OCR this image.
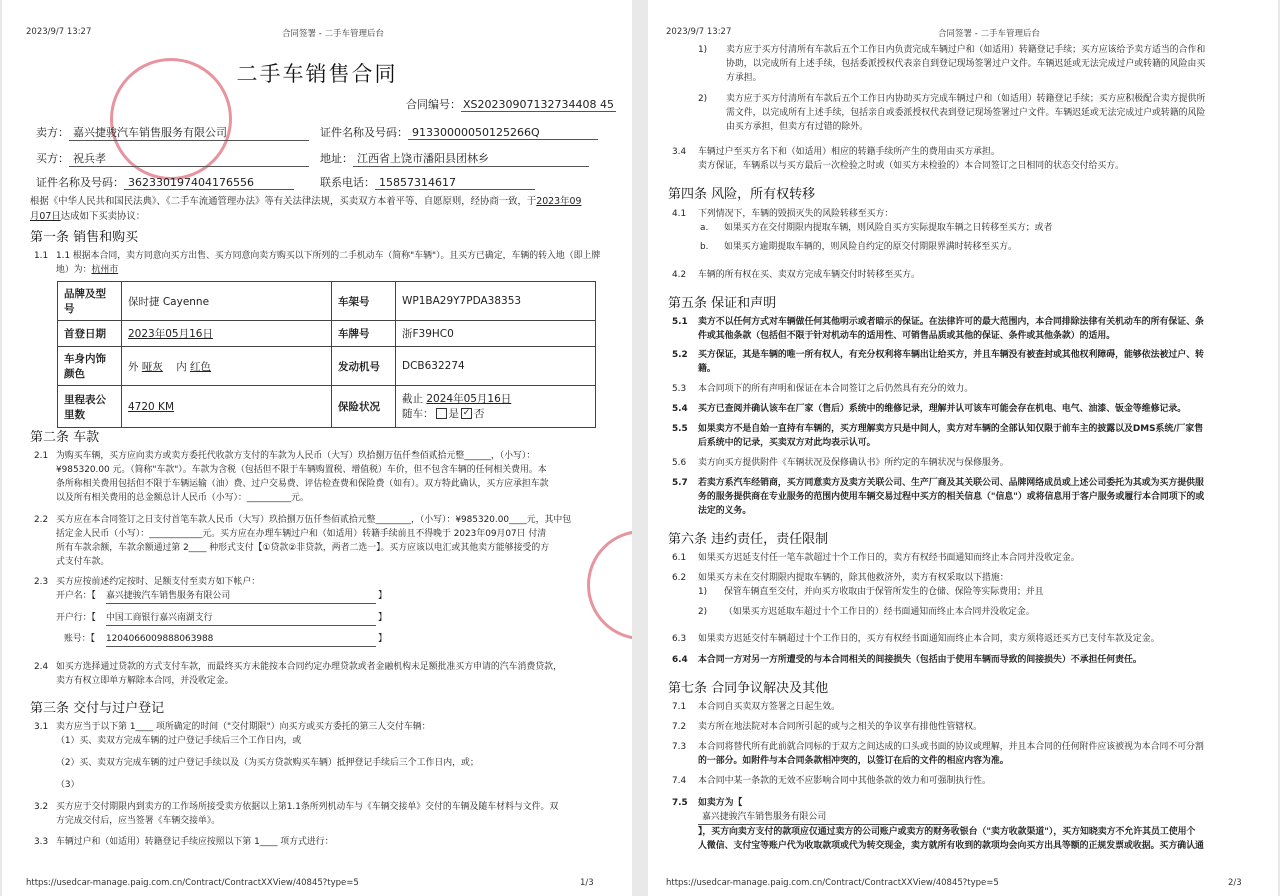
2023/9/7 13:27	合同签署 - 二手车管理后台
二手车销售合同
合同编号： XS20230907132734408 45
卖方： 嘉兴捷骏汽车销售服务有限公司	证件名称及号码： 91330000050125266Q
买方： 祝兵孝	地址： 江西省上饶市潘阳县团林乡
证件名称及号码： 362330197404176556	联系电话： 15857314617
根据《中华人民共和国民法典》、《二手车流通管理办法》等有关法律法规，买卖双方本着平等、自愿原则，经协商一致，于2023年09
月07日达成如下买卖协议：
第一条 销售和购买
1.1 1.1 根据本合同，卖方同意向买方出售、买方同意向卖方购买以下所列的二手机动车（简称"车辆"）。且买方已确定，车辆的转入地（即上牌地）为：杭州市
品牌及型号	保时捷 Cayenne	车架号	WP1BA29Y7PDA38353
首登日期	2023年05月16日	车牌号	浙F39HC0
车身内饰颜色	外 哑灰 内 红色	发动机号	DCB632274
里程表公里数	4720 KM	保险状况	截止 2024年05月16日
随车： 是 ✓ 否
第二条 车款
2.1 为购买车辆，买方应向卖方或卖方委托代收款方支付的车款为人民币（大写）玖拾捌万伍仟叁佰贰拾元整______，（小写）：
¥985320.00 元。（简称"车款"）。车款为含税（包括但不限于车辆购置税、增值税）车价，但不包含车辆的任何相关费用。本
条所称相关费用包括但不限于车辆运输（油）费、过户交易费、评估检查费和保险费（如有）。双方特此确认，买方应承担车款
以及所有相关费用的总金额总计人民币（小写）：__________元。
2.2 买方应在本合同签订之日支付首笔车款人民币（大写）玖拾捌万伍仟叁佰贰拾元整________，（小写）：¥985320.00____元，其中包
括定金人民币（小写）：____________元。买方应在办理车辆过户和（如适用）转籍手续前且不得晚于 2023年09月07日 付清
所有车款余额，车款余额通过第 2____ 种形式支付【①贷款②非贷款，两者二选一】。买方应该以电汇或其他卖方能够接受的方
式支付车款。
2.3 买方应按前述约定按时、足额支付至卖方如下帐户：
开户名：【 嘉兴捷骏汽车销售服务有限公司	】
开户行：【 中国工商银行嘉兴南湖支行	】
账号：【 1204066009888063988	】
2.4 如买方选择通过贷款的方式支付车款，而最终买方未能按本合同约定办理贷款或者金融机构未足额批准买方申请的汽车消费贷款，
卖方有权立即单方解除本合同，并没收定金。
第三条 交付与过户登记
3.1 卖方应当于以下第 1____ 项所确定的时间（"交付期限"）向买方或买方委托的第三人交付车辆：
（1）买、卖双方完成车辆的过户登记手续后三个工作日内，或
（2）买、卖双方完成车辆的过户登记手续以及（为买方贷款购买车辆）抵押登记手续后三个工作日内，或；
（3）
3.2 买方应于交付期限内到卖方的工作场所接受卖方依据以上第1.1条所列机动车与《车辆交接单》交付的车辆及随车材料与文件。双
方完成交付后，应当签署《车辆交接单》。
3.3 车辆过户和（如适用）转籍登记手续应按照以下第 1____ 项方式进行：
https://usedcar-manage.paig.com.cn/Contract/ContractXXView/40845?type=5	1/3
2023/9/7 13:27	合同签署 - 二手车管理后台
1) 卖方应于买方付清所有车款后五个工作日内负责完成车辆过户和（如适用）转籍登记手续；买方应该给予卖方适当的合作和
协助，以完成所有上述手续，包括委派授权代表亲自到登记现场签署过户文件。车辆迟延或无法完成过户或转籍的风险由买
方承担。
2) 卖方应于买方付清所有车款后五个工作日内协助买方完成车辆过户和（如适用）转籍登记手续；买方应积极配合卖方提供所
需文件，以完成所有上述手续，包括亲自或委派授权代表到登记现场签署过户文件。车辆迟延或无法完成过户或转籍的风险
由买方承担，但卖方有过错的除外。
3.4 车辆过户至买方名下和（如适用）相应的转籍手续所产生的费用由买方承担。
卖方保证，车辆系以与买方最后一次检验之时或（如买方未检验的）本合同签订之日相同的状态交付给买方。
第四条 风险，所有权转移
4.1 下列情况下，车辆的毁损灭失的风险转移至买方：
a. 如果买方在交付期限内提取车辆，则风险自买方实际提取车辆之日转移至买方；或者
b. 如果买方逾期提取车辆的，则风险自约定的原交付期限界满时转移至买方。
4.2 车辆的所有权在买、卖双方完成车辆交付时转移至买方。
第五条 保证和声明
5.1 卖方不以任何方式对车辆做任何其他明示或者暗示的保证。在法律许可的最大范围内，本合同排除法律有关机动车的所有保证、条
件或其他条款（包括但不限于针对机动车的适用性、可销售品质或其他的保证、条件或其他条款）的适用。
5.2 买方保证，其是车辆的唯一所有权人，有充分权利将车辆出让给买方，并且车辆没有被查封或其他权利障碍，能够依法被过户、转
籍。
5.3 本合同项下的所有声明和保证在本合同签订之后仍然具有充分的效力。
5.4 买方已查阅并确认该车在厂家（售后）系统中的维修记录，理解并认可该车可能会存在机电、电气、油漆、钣金等维修记录。
5.5 如果卖方不是自始一直持有车辆的，买方理解卖方只是中间人，卖方对车辆的全部认知仅限于前车主的披露以及DMS系统/厂家售
后系统中的记录，买卖双方对此均表示认可。
5.6 卖方向买方提供附件《车辆状况及保修确认书》所约定的车辆状况与保修服务。
5.7 若卖方系汽车经销商，买方同意卖方及卖方关联公司、生产厂商及其关联公司、品牌网络成员或上述公司委托为其或为买方提供服
务的服务提供商在专业服务的范围内使用车辆交易过程中买方的相关信息（"信息"）或将信息用于客户服务或履行本合同项下的或
法定的义务。
第六条 违约责任，责任限制
6.1 如果买方迟延支付任一笔车款超过十个工作日的，卖方有权经书面通知而终止本合同并没收定金。
6.2 如果买方未在交付期限内提取车辆的，除其他救济外，卖方有权采取以下措施：
1) 保管车辆直至交付，并向买方收取由于保管所发生的仓储、保险等实际费用；并且
2) （如果买方迟延取车超过十个工作日的）经书面通知而终止本合同并没收定金。
6.3 如果卖方迟延交付车辆超过十个工作日的，买方有权经书面通知而终止本合同，卖方须将返还买方已支付车款及定金。
6.4 本合同一方对另一方所遭受的与本合同相关的间接损失（包括由于使用车辆而导致的间接损失）不承担任何责任。
第七条 合同争议解决及其他
7.1 本合同自买卖双方签署之日起生效。
7.2 卖方所在地法院对本合同所引起的或与之相关的争议享有排他性管辖权。
7.3 本合同将替代所有此前就合同标的于双方之间达成的口头或书面的协议或理解，并且本合同的任何附件应该被视为本合同不可分割
的一部分。如附件与本合同条款相冲突的，以签订在后的文件的相应内容为准。
7.4 本合同中某一条款的无效不应影响合同中其他条款的效力和可强制执行性。
7.5 如卖方为【
嘉兴捷骏汽车销售服务有限公司
】，买方向卖方支付的款项应仅通过卖方的公司账户或卖方的财务收银台（"卖方收款渠道"），买方知晓卖方不允许其员工使用个
人微信、支付宝等账户代为收取款项或代为转交现金，卖方就所有收到的款项均会向买方出具等额的正规发票或收据。买方确认通
https://usedcar-manage.paig.com.cn/Contract/ContractXXView/40845?type=5	2/3
